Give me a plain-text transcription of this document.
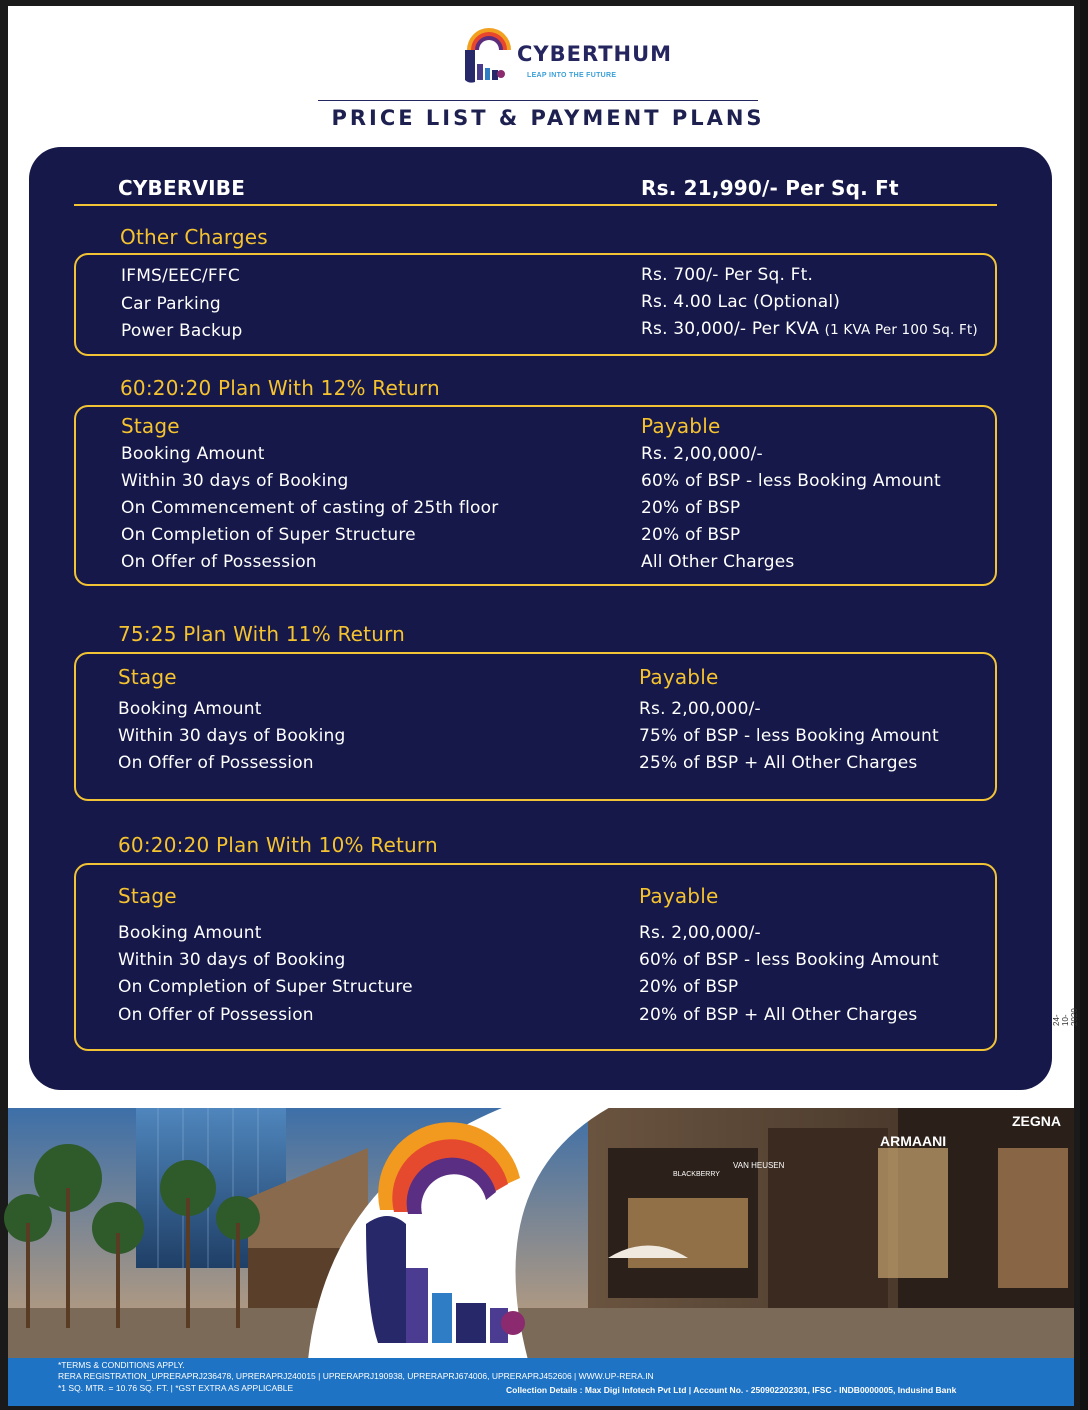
CYBERTHUM
LEAP INTO THE FUTURE
PRICE LIST & PAYMENT PLANS
CYBERVIBE	Rs. 21,990/- Per Sq. Ft
Other Charges
IFMS/EEC/FFC	Rs. 700/- Per Sq. Ft.
Car Parking	Rs. 4.00 Lac (Optional)
Power Backup	Rs. 30,000/- Per KVA (1 KVA Per 100 Sq. Ft)
60:20:20 Plan With 12% Return
Stage	Payable
Booking Amount	Rs. 2,00,000/-
Within 30 days of Booking	60% of BSP - less Booking Amount
On Commencement of casting of 25th floor	20% of BSP
On Completion of Super Structure	20% of BSP
On Offer of Possession	All Other Charges
75:25 Plan With 11% Return
Stage	Payable
Booking Amount	Rs. 2,00,000/-
Within 30 days of Booking	75% of BSP - less Booking Amount
On Offer of Possession	25% of BSP + All Other Charges
60:20:20 Plan With 10% Return
Stage	Payable
Booking Amount	Rs. 2,00,000/-
Within 30 days of Booking	60% of BSP - less Booking Amount
On Completion of Super Structure	20% of BSP
On Offer of Possession	20% of BSP + All Other Charges	24-10-2020
ARMAANI
ZEGNA
VAN HEUSEN
BLACKBERRY
*TERMS & CONDITIONS APPLY.
RERA REGISTRATION_UPRERAPRJ236478, UPRERAPRJ240015 | UPRERAPRJ190938, UPRERAPRJ674006, UPRERAPRJ452606 | WWW.UP-RERA.IN
*1 SQ. MTR. = 10.76 SQ. FT. | *GST EXTRA AS APPLICABLE	Collection Details : Max Digi Infotech Pvt Ltd | Account No. - 250902202301, IFSC - INDB0000005, Indusind Bank
